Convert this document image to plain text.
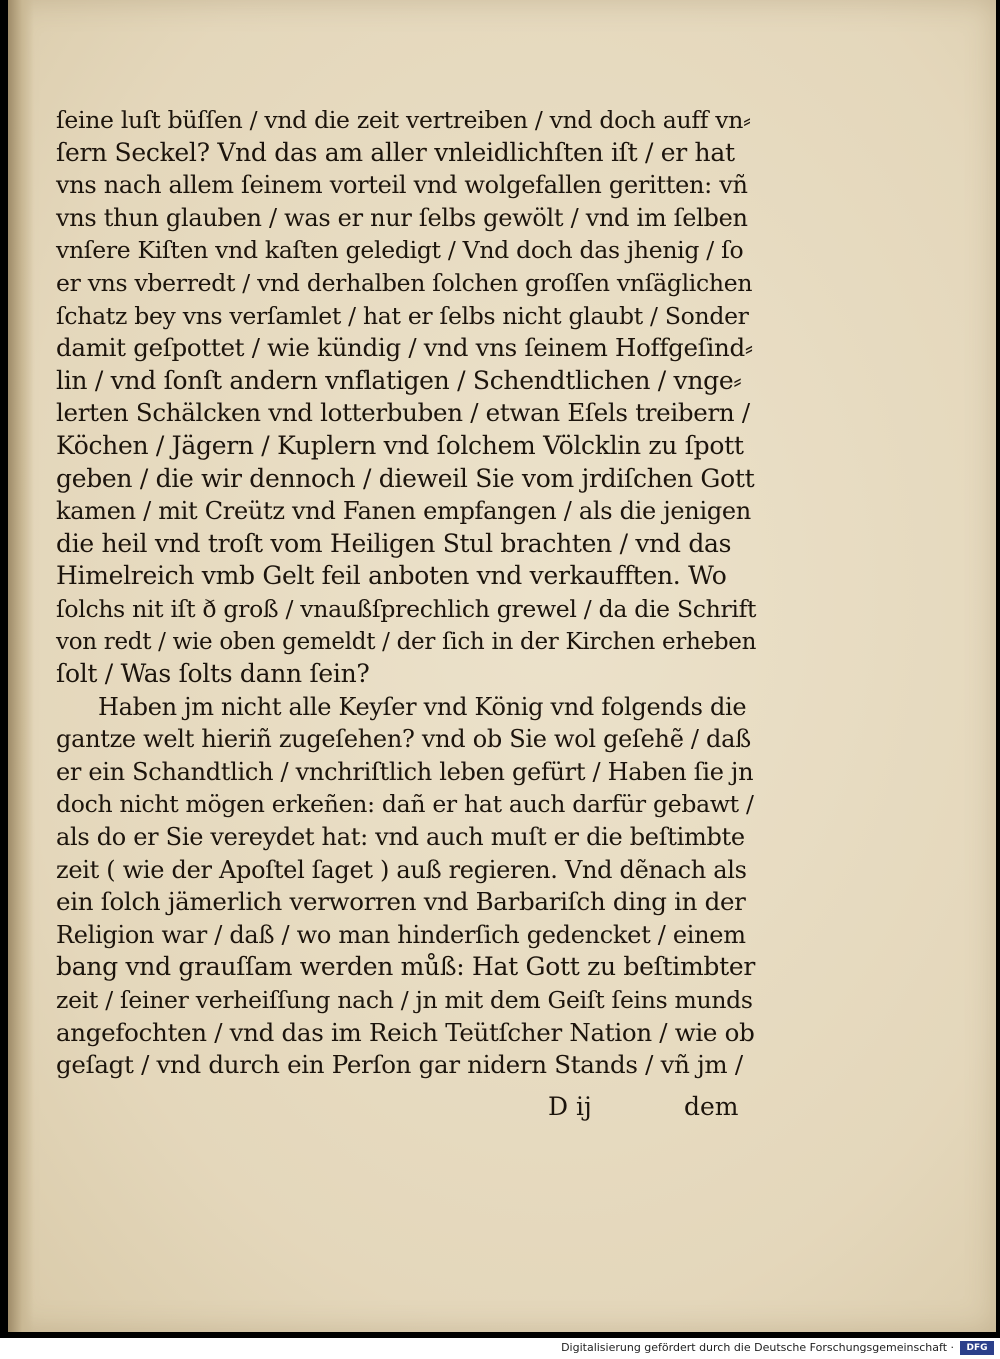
ſeine luſt büſſen / vnd die zeit vertreiben / vnd doch auff vn⸗
ſern Seckel? Vnd das am aller vnleidlichſten iſt / er hat
vns nach allem ſeinem vorteil vnd wolgefallen geritten: vñ
vns thun glauben / was er nur ſelbs gewölt / vnd im ſelben
vnſere Kiſten vnd kaſten geledigt / Vnd doch das jhenig / ſo
er vns vberredt / vnd derhalben ſolchen groſſen vnſäglichen
ſchatz bey vns verſamlet / hat er ſelbs nicht glaubt / Sonder
damit geſpottet / wie kündig / vnd vns ſeinem Hoffgeſind⸗
lin / vnd ſonſt andern vnflatigen / Schendtlichen / vnge⸗
lerten Schälcken vnd lotterbuben / etwan Eſels treibern /
Köchen / Jägern / Kuplern vnd ſolchem Völcklin zu ſpott
geben / die wir dennoch / dieweil Sie vom jrdiſchen Gott
kamen / mit Creütz vnd Fanen empfangen / als die jenigen
die heil vnd troſt vom Heiligen Stul brachten / vnd das
Himelreich vmb Gelt feil anboten vnd verkaufften. Wo
ſolchs nit iſt ð groß / vnaußſprechlich grewel / da die Schrift
von redt / wie oben gemeldt / der ſich in der Kirchen erheben
ſolt / Was ſolts dann ſein?
Haben jm nicht alle Keyſer vnd König vnd folgends die
gantze welt hieriñ zugeſehen? vnd ob Sie wol geſehẽ / daß
er ein Schandtlich / vnchriſtlich leben gefürt / Haben ſie jn
doch nicht mögen erkeñen: dañ er hat auch darfür gebawt /
als do er Sie vereydet hat: vnd auch muſt er die beſtimbte
zeit ( wie der Apoſtel ſaget ) auß regieren. Vnd dẽnach als
ein ſolch jämerlich verworren vnd Barbariſch ding in der
Religion war / daß / wo man hinderſich gedencket / einem
bang vnd grauſſam werden můß: Hat Gott zu beſtimbter
zeit / ſeiner verheiſſung nach / jn mit dem Geiſt ſeins munds
angefochten / vnd das im Reich Teütſcher Nation / wie ob
geſagt / vnd durch ein Perſon gar nidern Stands / vñ jm /
D ij	dem
Digitalisierung gefördert durch die Deutsche Forschungsgemeinschaft ·	DFG
